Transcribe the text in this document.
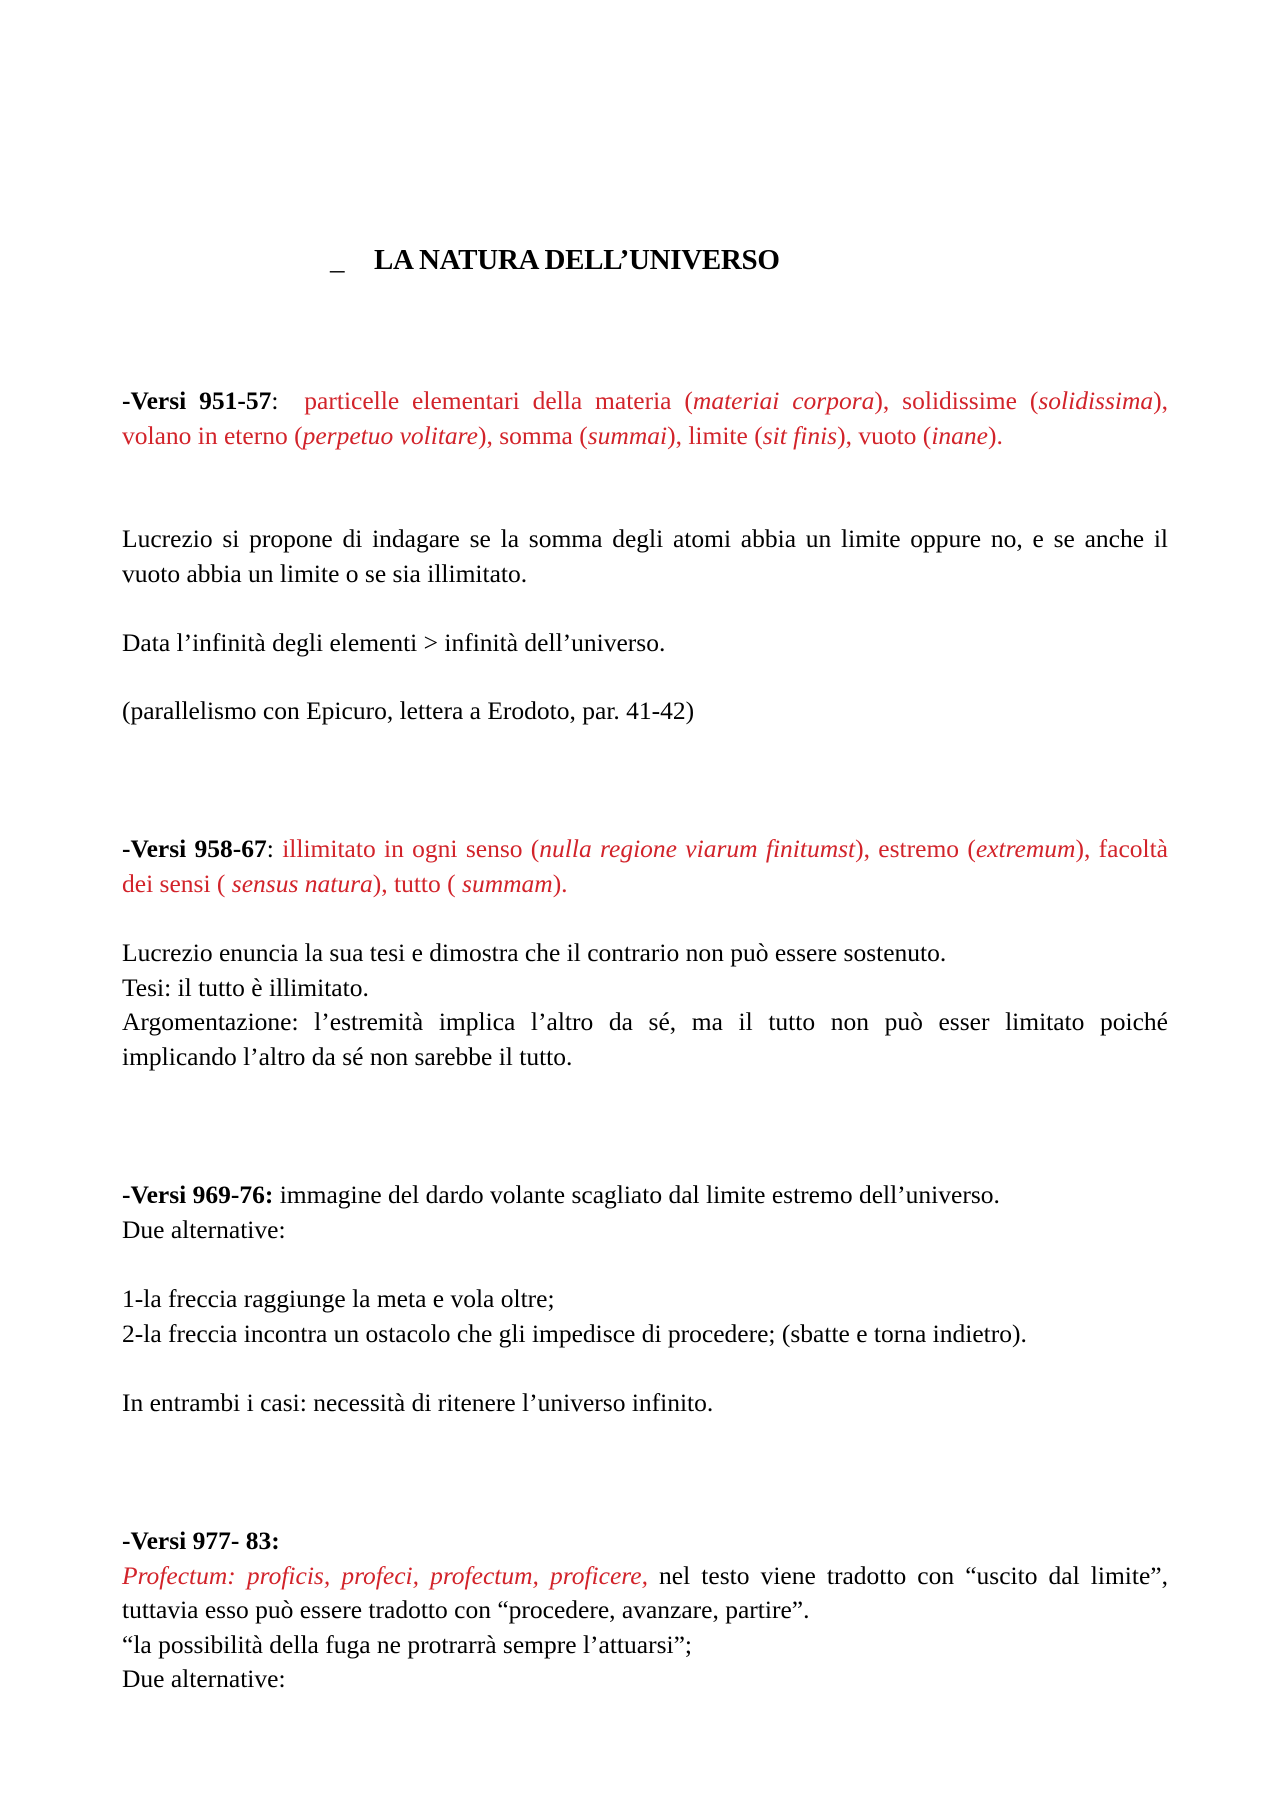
_ LA NATURA DELL’UNIVERSO

-Versi 951-57: particelle elementari della materia (materiai corpora), solidissime (solidissima), volano in eterno (perpetuo volitare), somma (summai), limite (sit finis), vuoto (inane).

Lucrezio si propone di indagare se la somma degli atomi abbia un limite oppure no, e se anche il vuoto abbia un limite o se sia illimitato.

Data l’infinità degli elementi > infinità dell’universo.

(parallelismo con Epicuro, lettera a Erodoto, par. 41-42)

-Versi 958-67: illimitato in ogni senso (nulla regione viarum finitumst), estremo (extremum), facoltà dei sensi ( sensus natura), tutto ( summam).

Lucrezio enuncia la sua tesi e dimostra che il contrario non può essere sostenuto.
Tesi: il tutto è illimitato.
Argomentazione: l’estremità implica l’altro da sé, ma il tutto non può esser limitato poiché implicando l’altro da sé non sarebbe il tutto.

-Versi 969-76: immagine del dardo volante scagliato dal limite estremo dell’universo.
Due alternative:

1-la freccia raggiunge la meta e vola oltre;
2-la freccia incontra un ostacolo che gli impedisce di procedere; (sbatte e torna indietro).

In entrambi i casi: necessità di ritenere l’universo infinito.

-Versi 977- 83:
Profectum: proficis, profeci, profectum, proficere, nel testo viene tradotto con “uscito dal limite”, tuttavia esso può essere tradotto con “procedere, avanzare, partire”.
“la possibilità della fuga ne protrarrà sempre l’attuarsi”;
Due alternative:
